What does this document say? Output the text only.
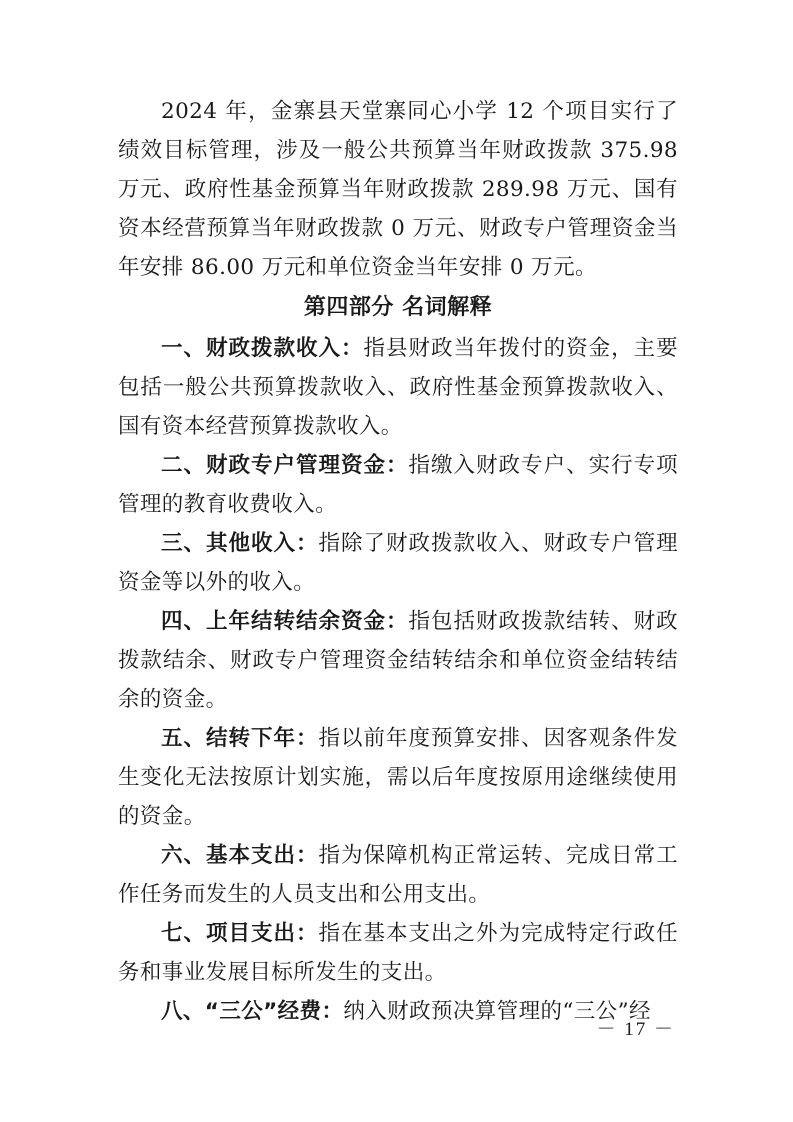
2024 年，金寨县天堂寨同心小学 12 个项目实行了绩效目标管理，涉及一般公共预算当年财政拨款 375.98 万元、政府性基金预算当年财政拨款 289.98 万元、国有资本经营预算当年财政拨款 0 万元、财政专户管理资金当年安排 86.00 万元和单位资金当年安排 0 万元。

第四部分 名词解释

一、财政拨款收入：指县财政当年拨付的资金，主要包括一般公共预算拨款收入、政府性基金预算拨款收入、国有资本经营预算拨款收入。

二、财政专户管理资金：指缴入财政专户、实行专项管理的教育收费收入。

三、其他收入：指除了财政拨款收入、财政专户管理资金等以外的收入。

四、上年结转结余资金：指包括财政拨款结转、财政拨款结余、财政专户管理资金结转结余和单位资金结转结余的资金。

五、结转下年：指以前年度预算安排、因客观条件发生变化无法按原计划实施，需以后年度按原用途继续使用的资金。

六、基本支出：指为保障机构正常运转、完成日常工作任务而发生的人员支出和公用支出。

七、项目支出：指在基本支出之外为完成特定行政任务和事业发展目标所发生的支出。

八、“三公”经费：纳入财政预决算管理的“三公”经

－ 17 －
